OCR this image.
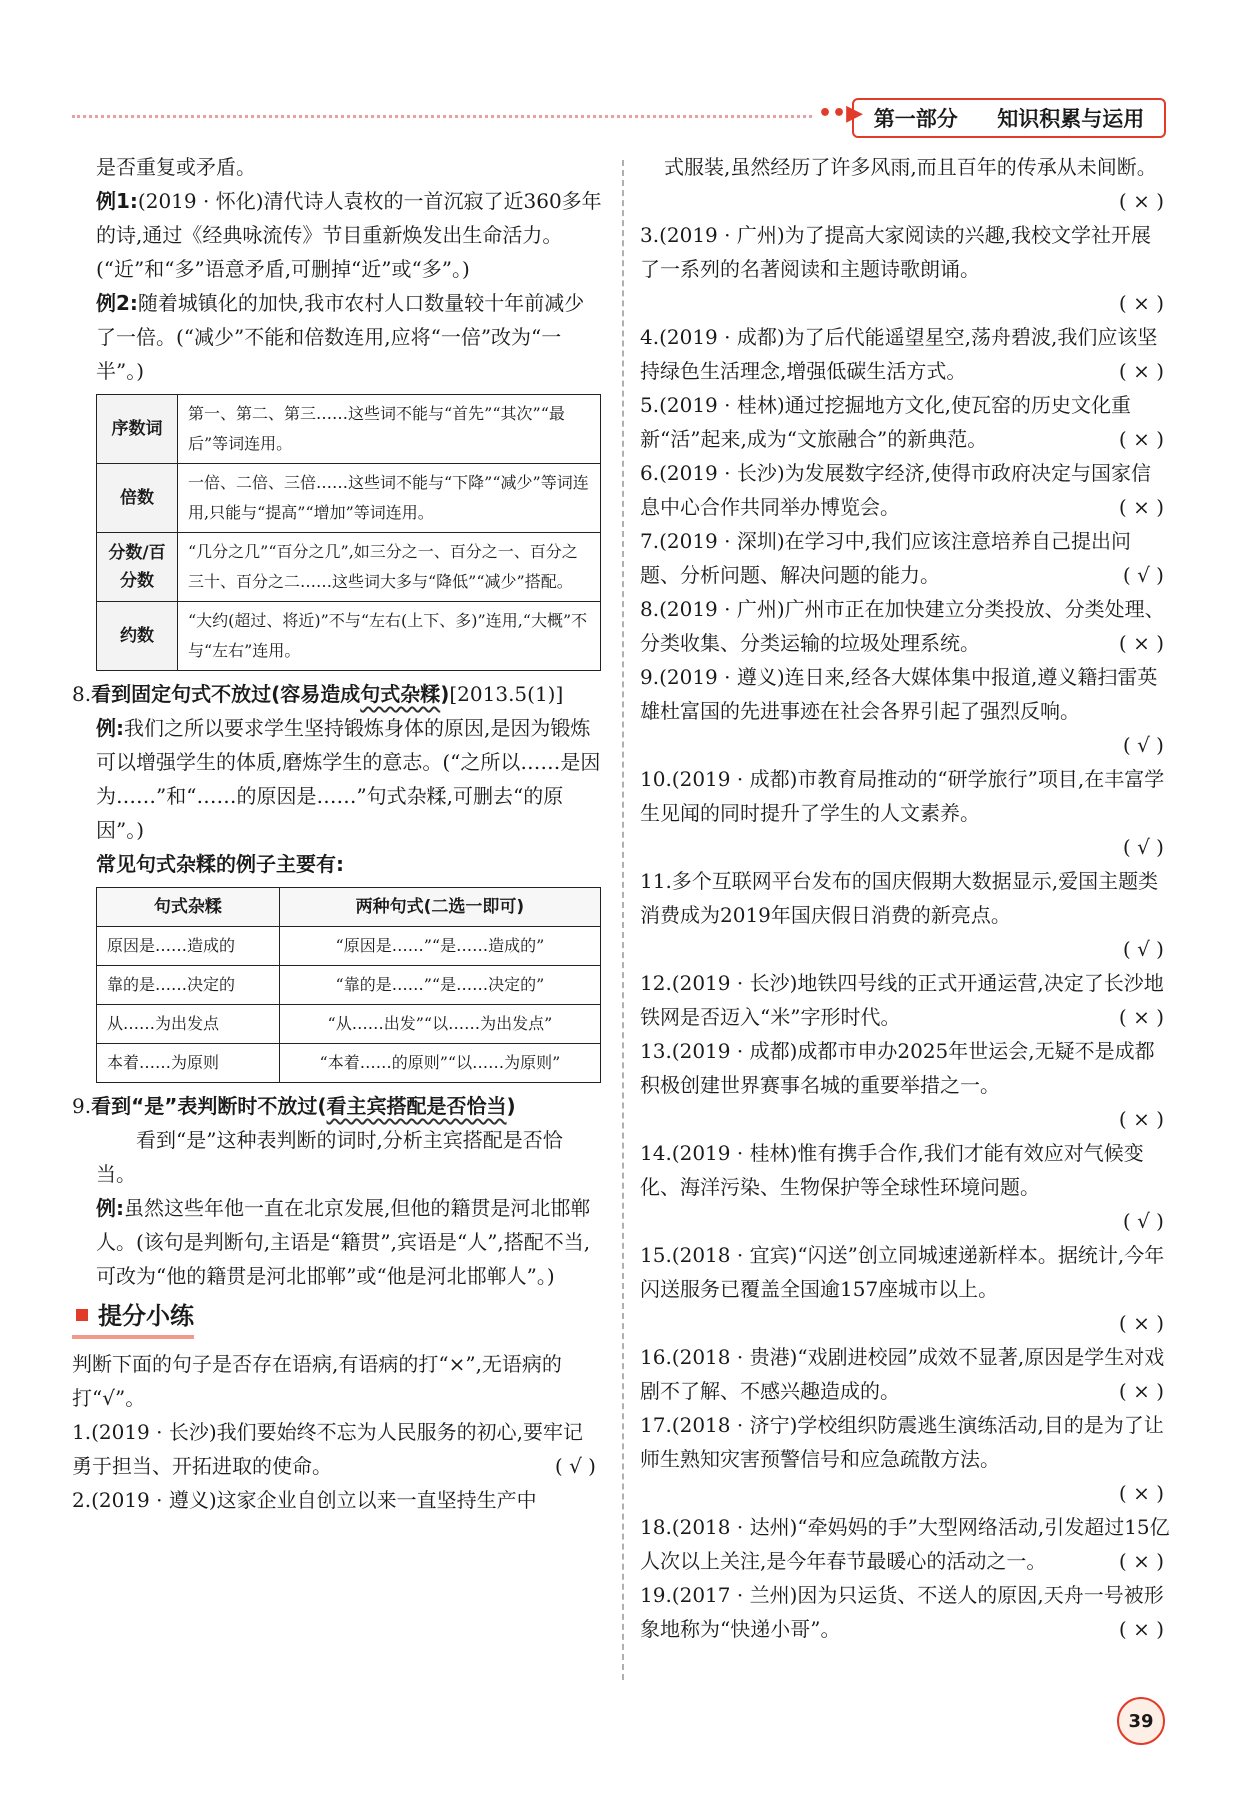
••▶ 第一部分 知识积累与运用

是否重复或矛盾。

例1:(2019 · 怀化)清代诗人袁枚的一首沉寂了近360多年的诗,通过《经典咏流传》节目重新焕发出生命活力。(“近”和“多”语意矛盾,可删掉“近”或“多”。)

例2:随着城镇化的加快,我市农村人口数量较十年前减少了一倍。(“减少”不能和倍数连用,应将“一倍”改为“一半”。)

序数词	第一、第二、第三……这些词不能与“首先”“其次”“最后”等词连用。
倍数	一倍、二倍、三倍……这些词不能与“下降”“减少”等词连用,只能与“提高”“增加”等词连用。
分数/百分数	“几分之几”“百分之几”,如三分之一、百分之一、百分之三十、百分之二……这些词大多与“降低”“减少”搭配。
约数	“大约(超过、将近)”不与“左右(上下、多)”连用,“大概”不与“左右”连用。

8.看到固定句式不放过(容易造成句式杂糅)[2013.5(1)]

例:我们之所以要求学生坚持锻炼身体的原因,是因为锻炼可以增强学生的体质,磨炼学生的意志。(“之所以……是因为……”和“……的原因是……”句式杂糅,可删去“的原因”。)

常见句式杂糅的例子主要有:

句式杂糅	两种句式(二选一即可)
原因是……造成的	“原因是……”“是……造成的”
靠的是……决定的	“靠的是……”“是……决定的”
从……为出发点	“从……出发”“以……为出发点”
本着……为原则	“本着……的原则”“以……为原则”

9.看到“是”表判断时不放过(看主宾搭配是否恰当)

看到“是”这种表判断的词时,分析主宾搭配是否恰当。

例:虽然这些年他一直在北京发展,但他的籍贯是河北邯郸人。(该句是判断句,主语是“籍贯”,宾语是“人”,搭配不当,可改为“他的籍贯是河北邯郸”或“他是河北邯郸人”。)

提分小练

判断下面的句子是否存在语病,有语病的打“×”,无语病的打“√”。

1.(2019 · 长沙)我们要始终不忘为人民服务的初心,要牢记勇于担当、开拓进取的使命。	( √ )

2.(2019 · 遵义)这家企业自创立以来一直坚持生产中

式服装,虽然经历了许多风雨,而且百年的传承从未间断。

( × )

3.(2019 · 广州)为了提高大家阅读的兴趣,我校文学社开展了一系列的名著阅读和主题诗歌朗诵。

( × )

4.(2019 · 成都)为了后代能遥望星空,荡舟碧波,我们应该坚持绿色生活理念,增强低碳生活方式。	( × )

5.(2019 · 桂林)通过挖掘地方文化,使瓦窑的历史文化重新“活”起来,成为“文旅融合”的新典范。	( × )

6.(2019 · 长沙)为发展数字经济,使得市政府决定与国家信息中心合作共同举办博览会。	( × )

7.(2019 · 深圳)在学习中,我们应该注意培养自己提出问题、分析问题、解决问题的能力。	( √ )

8.(2019 · 广州)广州市正在加快建立分类投放、分类处理、分类收集、分类运输的垃圾处理系统。	( × )

9.(2019 · 遵义)连日来,经各大媒体集中报道,遵义籍扫雷英雄杜富国的先进事迹在社会各界引起了强烈反响。

( √ )

10.(2019 · 成都)市教育局推动的“研学旅行”项目,在丰富学生见闻的同时提升了学生的人文素养。

( √ )

11.多个互联网平台发布的国庆假期大数据显示,爱国主题类消费成为2019年国庆假日消费的新亮点。

( √ )

12.(2019 · 长沙)地铁四号线的正式开通运营,决定了长沙地铁网是否迈入“米”字形时代。	( × )

13.(2019 · 成都)成都市申办2025年世运会,无疑不是成都积极创建世界赛事名城的重要举措之一。

( × )

14.(2019 · 桂林)惟有携手合作,我们才能有效应对气候变化、海洋污染、生物保护等全球性环境问题。

( √ )

15.(2018 · 宜宾)“闪送”创立同城速递新样本。据统计,今年闪送服务已覆盖全国逾157座城市以上。

( × )

16.(2018 · 贵港)“戏剧进校园”成效不显著,原因是学生对戏剧不了解、不感兴趣造成的。	( × )

17.(2018 · 济宁)学校组织防震逃生演练活动,目的是为了让师生熟知灾害预警信号和应急疏散方法。

( × )

18.(2018 · 达州)“牵妈妈的手”大型网络活动,引发超过15亿人次以上关注,是今年春节最暖心的活动之一。	( × )

19.(2017 · 兰州)因为只运货、不送人的原因,天舟一号被形象地称为“快递小哥”。	( × )

39
